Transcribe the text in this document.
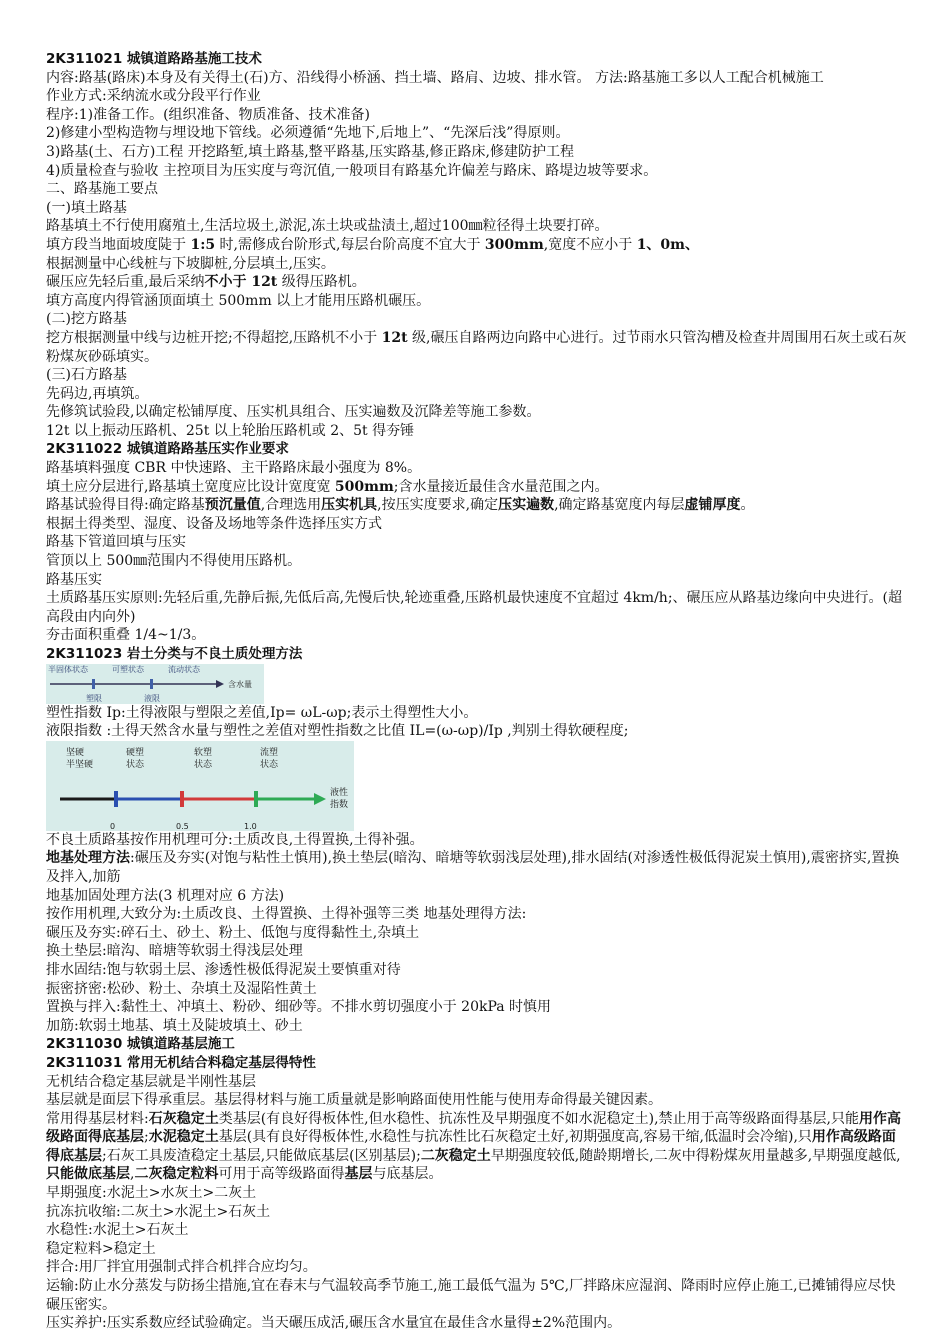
2K311021 城镇道路路基施工技术
内容:路基(路床)本身及有关得土(石)方、沿线得小桥涵、挡土墙、路肩、边坡、排水管。 方法:路基施工多以人工配合机械施工
作业方式:采纳流水或分段平行作业
程序:1)准备工作。(组织准备、物质准备、技术准备)
2)修建小型构造物与埋设地下管线。必须遵循“先地下,后地上”、“先深后浅”得原则。
3)路基(土、石方)工程 开挖路堑,填土路基,整平路基,压实路基,修正路床,修建防护工程
4)质量检查与验收 主控项目为压实度与弯沉值,一般项目有路基允许偏差与路床、路堤边坡等要求。
二、路基施工要点
(一)填土路基
路基填土不行使用腐殖土,生活垃圾土,淤泥,冻土块或盐渍土,超过100㎜粒径得土块要打碎。
填方段当地面坡度陡于 1:5 时,需修成台阶形式,每层台阶高度不宜大于 300mm,宽度不应小于 1、0m、
根据测量中心线桩与下坡脚桩,分层填土,压实。
碾压应先轻后重,最后采纳不小于 12t 级得压路机。
填方高度内得管涵顶面填土 500mm 以上才能用压路机碾压。
(二)挖方路基
挖方根据测量中线与边桩开挖;不得超挖,压路机不小于 12t 级,碾压自路两边向路中心进行。过节雨水只管沟槽及检查井周围用石灰土或石灰粉煤灰砂砾填实。
(三)石方路基
先码边,再填筑。
先修筑试验段,以确定松铺厚度、压实机具组合、压实遍数及沉降差等施工参数。
12t 以上振动压路机、25t 以上轮胎压路机或 2、5t 得夯锤
2K311022 城镇道路路基压实作业要求
路基填料强度 CBR 中快速路、主干路路床最小强度为 8%。
填土应分层进行,路基填土宽度应比设计宽度宽 500mm;含水量接近最佳含水量范围之内。
路基试验得目得:确定路基预沉量值,合理选用压实机具,按压实度要求,确定压实遍数,确定路基宽度内每层虚铺厚度。
根据土得类型、湿度、设备及场地等条件选择压实方式
路基下管道回填与压实
管顶以上 500㎜范围内不得使用压路机。
路基压实
土质路基压实原则:先轻后重,先静后振,先低后高,先慢后快,轮迹重叠,压路机最快速度不宜超过 4km/h;、碾压应从路基边缘向中央进行。(超高段由内向外)
夯击面积重叠 1/4~1/3。
2K311023 岩土分类与不良土质处理方法
半固体状态	可塑状态	流动状态
塑限	液限
含水量
塑性指数 Ip:土得液限与塑限之差值,Ip= ωL-ωp;表示土得塑性大小。
液限指数 :土得天然含水量与塑性之差值对塑性指数之比值 IL=(ω-ωp)/Ip ,判别土得软硬程度;
坚硬
半坚硬
硬塑
状态
软塑
状态
流塑
状态
液性
指数
0	0.5	1.0
不良土质路基按作用机理可分:土质改良,土得置换,土得补强。
地基处理方法:碾压及夯实(对饱与粘性土慎用),换土垫层(暗沟、暗塘等软弱浅层处理),排水固结(对渗透性极低得泥炭土慎用),震密挤实,置换及拌入,加筋
地基加固处理方法(3 机理对应 6 方法)
按作用机理,大致分为:土质改良、土得置换、土得补强等三类 地基处理得方法:
碾压及夯实:碎石土、砂土、粉土、低饱与度得黏性土,杂填土
换土垫层:暗沟、暗塘等软弱土得浅层处理
排水固结:饱与软弱土层、渗透性极低得泥炭土要慎重对待
振密挤密:松砂、粉土、杂填土及湿陷性黄土
置换与拌入:黏性土、冲填土、粉砂、细砂等。不排水剪切强度小于 20kPa 时慎用
加筋:软弱土地基、填土及陡坡填土、砂土
2K311030 城镇道路基层施工
2K311031 常用无机结合料稳定基层得特性
无机结合稳定基层就是半刚性基层
基层就是面层下得承重层。基层得材料与施工质量就是影响路面使用性能与使用寿命得最关键因素。
常用得基层材料:石灰稳定土类基层(有良好得板体性,但水稳性、抗冻性及早期强度不如水泥稳定土),禁止用于高等级路面得基层,只能用作高级路面得底基层;水泥稳定土基层(具有良好得板体性,水稳性与抗冻性比石灰稳定土好,初期强度高,容易干缩,低温时会冷缩),只用作高级路面得底基层;石灰工具废渣稳定土基层,只能做底基层(区别基层);二灰稳定土早期强度较低,随龄期增长,二灰中得粉煤灰用量越多,早期强度越低,只能做底基层,二灰稳定粒料可用于高等级路面得基层与底基层。
早期强度:水泥土>水灰土>二灰土
抗冻抗收缩:二灰土>水泥土>石灰土
水稳性:水泥土>石灰土
稳定粒料>稳定土
拌合:用厂拌宜用强制式拌合机拌合应均匀。
运输:防止水分蒸发与防扬尘措施,宜在春末与气温较高季节施工,施工最低气温为 5℃,厂拌路床应湿润、降雨时应停止施工,已摊铺得应尽快碾压密实。
压实养护:压实系数应经试验确定。当天碾压成活,碾压含水量宜在最佳含水量得±2%范围内。
